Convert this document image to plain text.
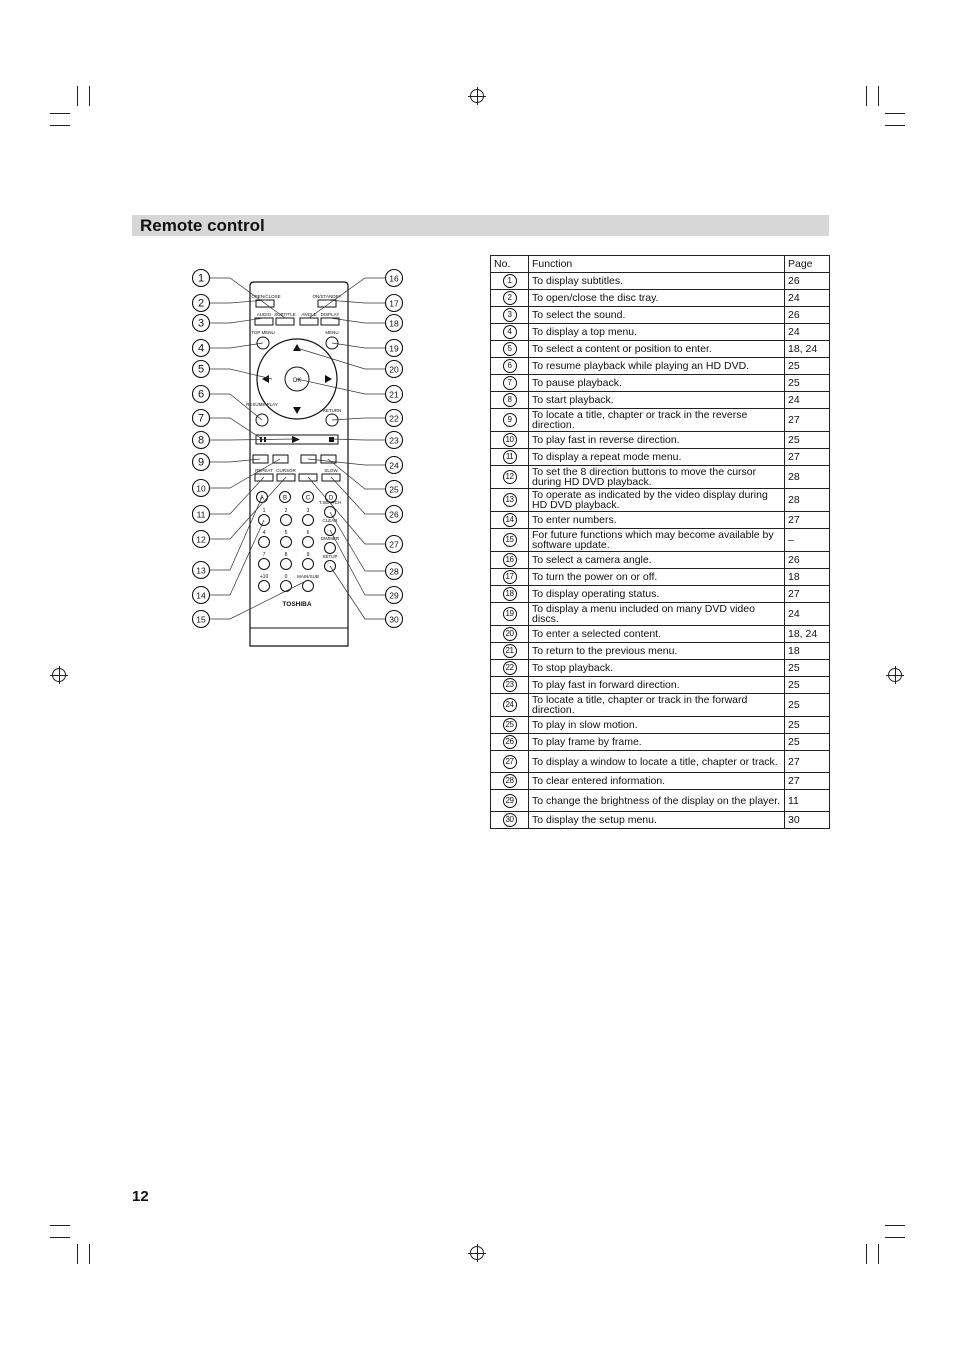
Remote control
OPEN/CLOSE	ON/STANDBY
AUDIO SUBTITLE ANGLE DISPLAY
TOP MENU	MENU
OK
RESUME PLAY
RETURN
REPEAT CURSOR	SLOW
A	B	C	D
1	2	3
4	5	6
7	8	9
+10	0 MAIN/SUB
T.SEARCH
CLEAR
DIMMER
SETUP
TOSHIBA
1
2
3
4
5
6
7
8
9
10
11
12
13
14
15
16
17
18
19
20
21
22
23
24
25
26
27
28
29
30
No.	Function	Page
1	To display subtitles.	26
2	To open/close the disc tray.	24
3	To select the sound.	26
4	To display a top menu.	24
5	To select a content or position to enter.	18, 24
6	To resume playback while playing an HD DVD.	25
7	To pause playback.	25
8	To start playback.	24
9	To locate a title, chapter or track in the reverse direction.	27
10	To play fast in reverse direction.	25
11	To display a repeat mode menu.	27
12	To set the 8 direction buttons to move the cursor during HD DVD playback.	28
13	To operate as indicated by the video display during HD DVD playback.	28
14	To enter numbers.	27
15	For future functions which may become available by software update.	–
16	To select a camera angle.	26
17	To turn the power on or off.	18
18	To display operating status.	27
19	To display a menu included on many DVD video discs.	24
20	To enter a selected content.	18, 24
21	To return to the previous menu.	18
22	To stop playback.	25
23	To play fast in forward direction.	25
24	To locate a title, chapter or track in the forward direction.	25
25	To play in slow motion.	25
26	To play frame by frame.	25
27	To display a window to locate a title, chapter or track.	27
28	To clear entered information.	27
29	To change the brightness of the display on the player.	11
30	To display the setup menu.	30
12
